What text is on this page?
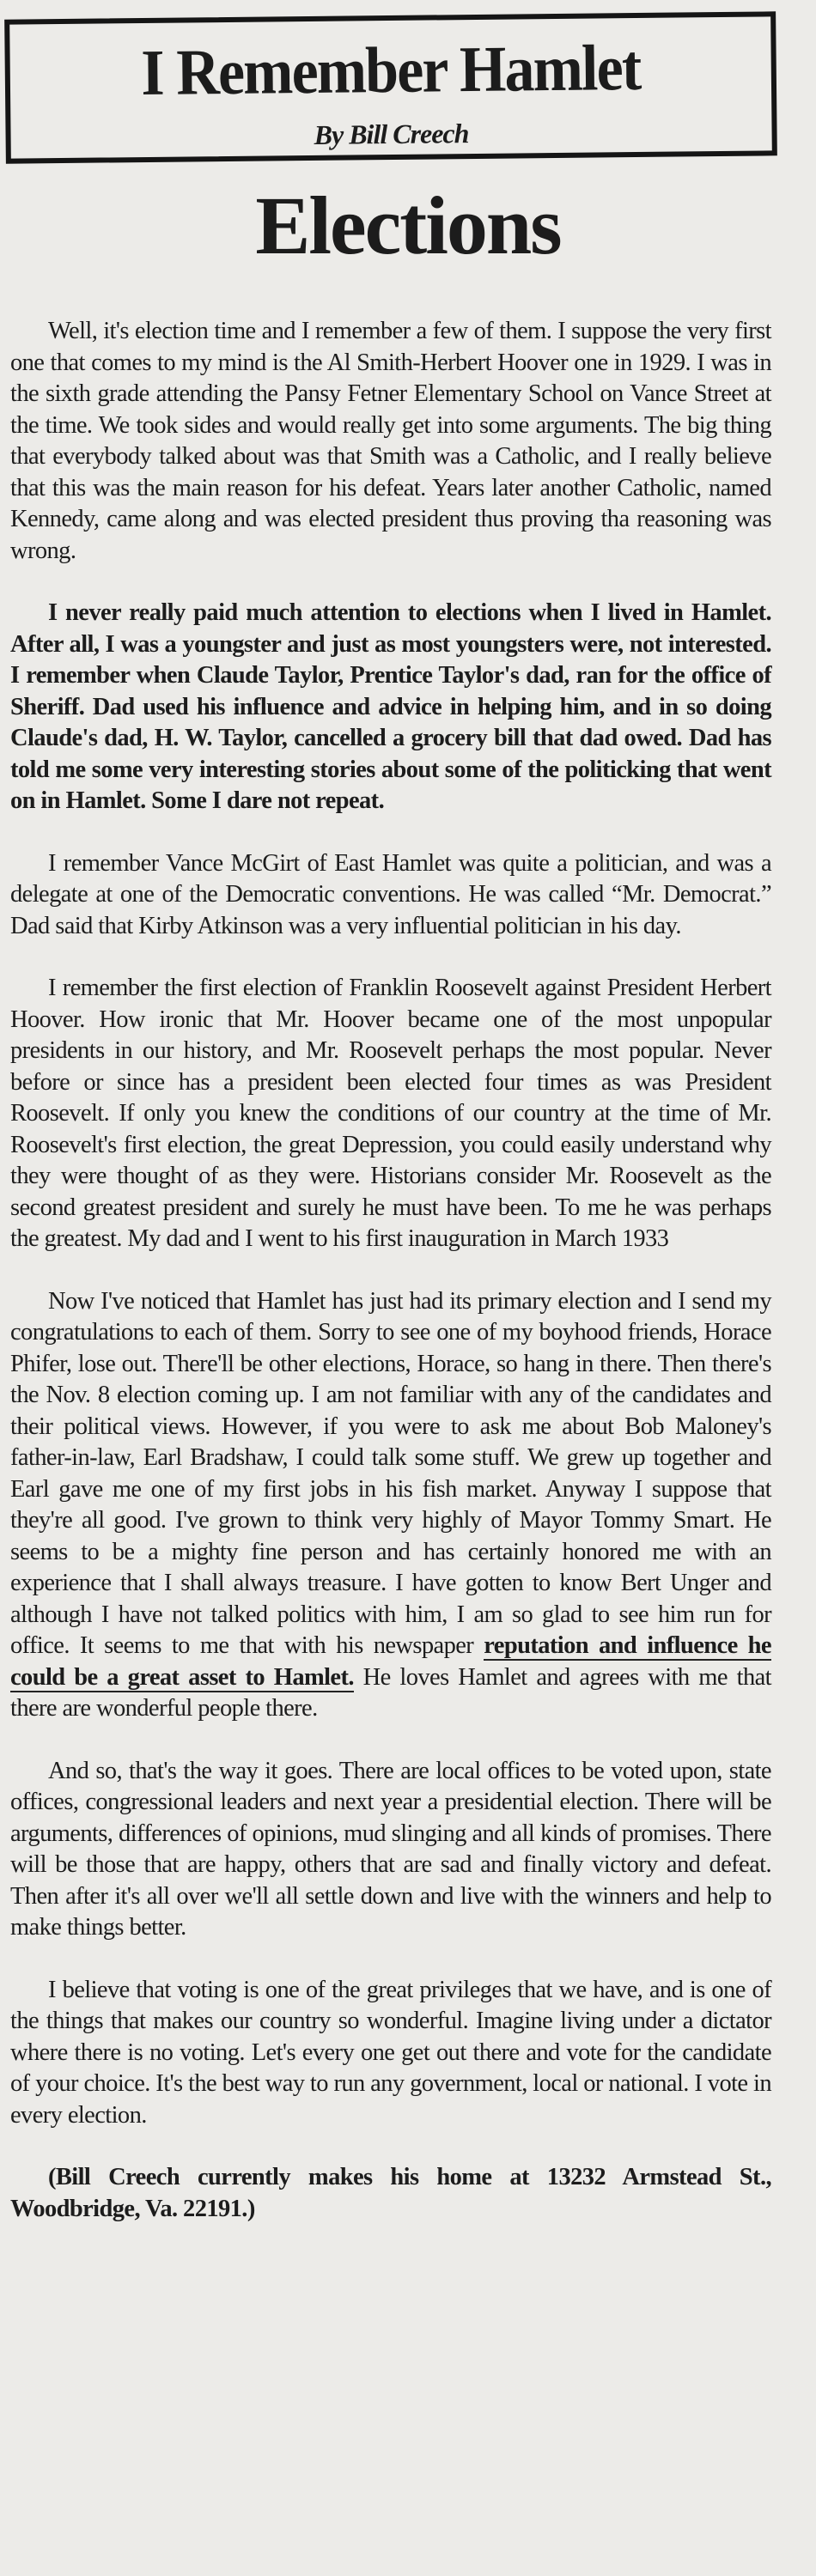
I Remember Hamlet
By Bill Creech
Elections

Well, it's election time and I remember a few of them. I suppose the very first one that comes to my mind is the Al Smith-Herbert Hoover one in 1929. I was in the sixth grade attending the Pansy Fetner Elementary School on Vance Street at the time. We took sides and would really get into some arguments. The big thing that everybody talked about was that Smith was a Catholic, and I really believe that this was the main reason for his defeat. Years later another Catholic, named Kennedy, came along and was elected president thus proving tha reasoning was wrong.

I never really paid much attention to elections when I lived in Hamlet. After all, I was a youngster and just as most youngsters were, not interested. I remember when Claude Taylor, Prentice Taylor's dad, ran for the office of Sheriff. Dad used his influence and advice in helping him, and in so doing Claude's dad, H. W. Taylor, cancelled a grocery bill that dad owed. Dad has told me some very interesting stories about some of the politicking that went on in Hamlet. Some I dare not repeat.

I remember Vance McGirt of East Hamlet was quite a politician, and was a delegate at one of the Democratic conventions. He was called “Mr. Democrat.” Dad said that Kirby Atkinson was a very influential politician in his day.

I remember the first election of Franklin Roosevelt against President Herbert Hoover. How ironic that Mr. Hoover became one of the most unpopular presidents in our history, and Mr. Roosevelt perhaps the most popular. Never before or since has a president been elected four times as was President Roosevelt. If only you knew the conditions of our country at the time of Mr. Roosevelt's first election, the great Depression, you could easily understand why they were thought of as they were. Historians consider Mr. Roosevelt as the second greatest president and surely he must have been. To me he was perhaps the greatest. My dad and I went to his first inauguration in March 1933

Now I've noticed that Hamlet has just had its primary election and I send my congratulations to each of them. Sorry to see one of my boyhood friends, Horace Phifer, lose out. There'll be other elections, Horace, so hang in there. Then there's the Nov. 8 election coming up. I am not familiar with any of the candidates and their political views. However, if you were to ask me about Bob Maloney's father-in-law, Earl Bradshaw, I could talk some stuff. We grew up together and Earl gave me one of my first jobs in his fish market. Anyway I suppose that they're all good. I've grown to think very highly of Mayor Tommy Smart. He seems to be a mighty fine person and has certainly honored me with an experience that I shall always treasure. I have gotten to know Bert Unger and although I have not talked politics with him, I am so glad to see him run for office. It seems to me that with his newspaper reputation and influence he could be a great asset to Hamlet. He loves Hamlet and agrees with me that there are wonderful people there.

And so, that's the way it goes. There are local offices to be voted upon, state offices, congressional leaders and next year a presidential election. There will be arguments, differences of opinions, mud slinging and all kinds of promises. There will be those that are happy, others that are sad and finally victory and defeat. Then after it's all over we'll all settle down and live with the winners and help to make things better.

I believe that voting is one of the great privileges that we have, and is one of the things that makes our country so wonderful. Imagine living under a dictator where there is no voting. Let's every one get out there and vote for the candidate of your choice. It's the best way to run any government, local or national. I vote in every election.

(Bill Creech currently makes his home at 13232 Armstead St., Woodbridge, Va. 22191.)
